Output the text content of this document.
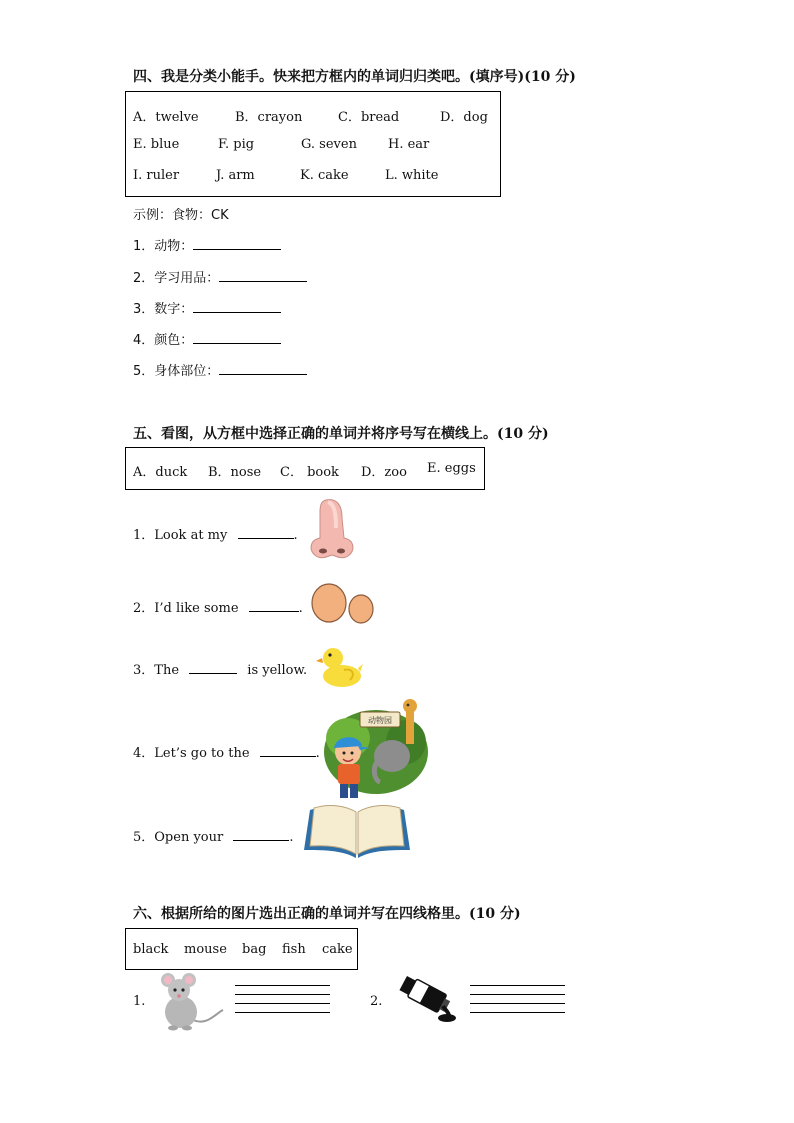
四、我是分类小能手。快来把方框内的单词归归类吧。(填序号)(10 分)
A．twelve	B．crayon	C．bread	D．dog
E. blue	F. pig	G. seven H. ear
I. ruler	J. arm	K. cake	L. white
示例：食物：CK
1．动物：
2．学习用品：
3．数字：
4．颜色：
5．身体部位：
五、看图，从方框中选择正确的单词并将序号写在横线上。(10 分)
A．duck B．nose C． book D．zoo E. eggs
1．Look at my	.
2．I’d like some	.
3．The	is yellow.
4．Let’s go to the	.
动物园
5．Open your	.
六、根据所给的图片选出正确的单词并写在四线格里。(10 分)
black mouse bag fish cake
1.	2.
